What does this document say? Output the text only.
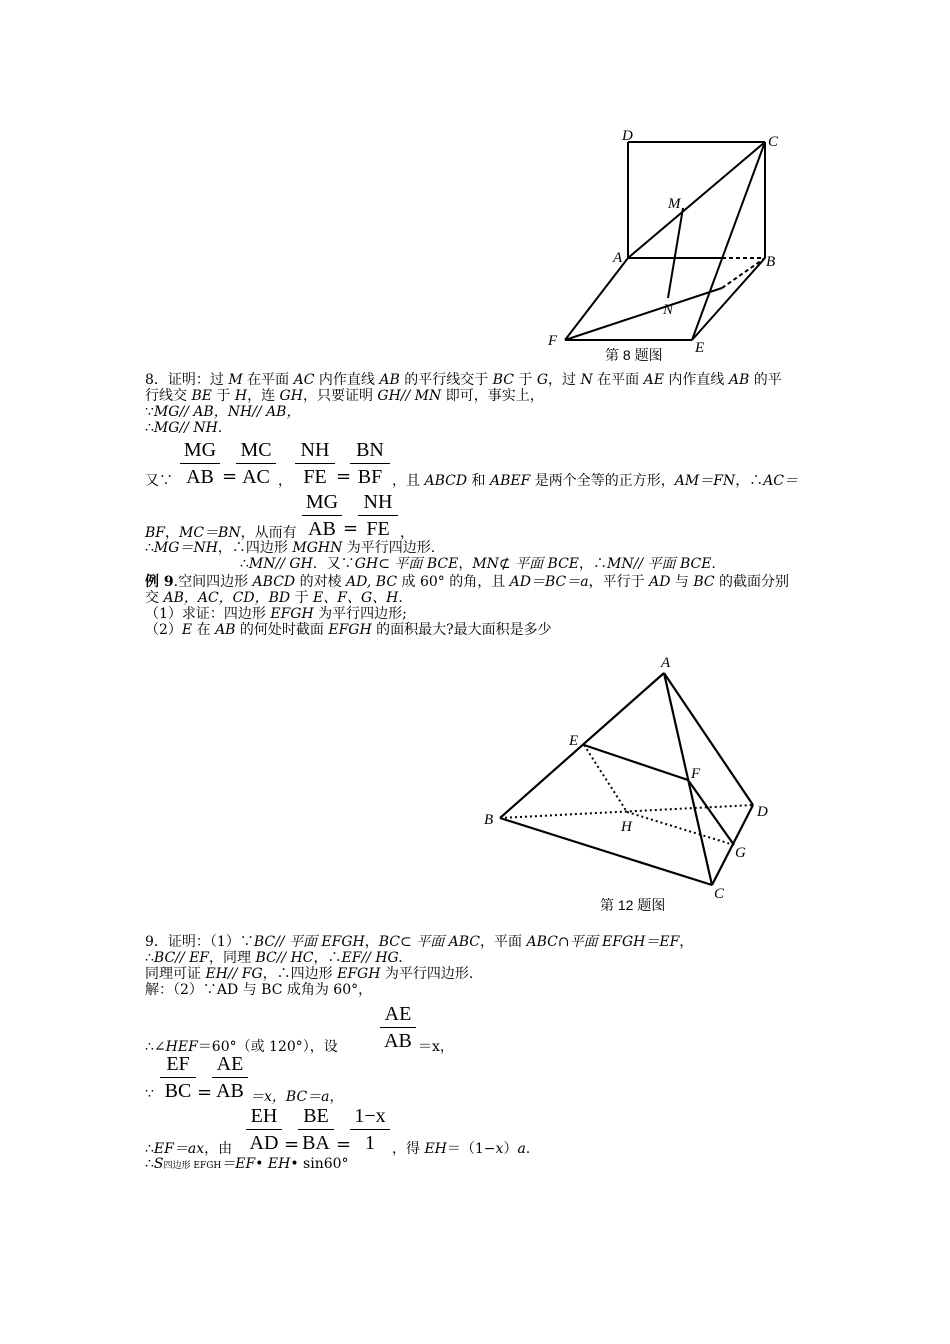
D	C
M
A	B
N
F	E
第 8 题图
8．证明：过 M 在平面 AC 内作直线 AB 的平行线交于 BC 于 G，过 N 在平面 AE 内作直线 AB 的平
行线交 BE 于 H，连 GH，只要证明 GH// MN 即可，事实上，
∵MG// AB，NH// AB，
∴MG// NH.
MG
AB
MC
AC
NH
FE
BN
BF
又∵	=	， =	，且 ABCD 和 ABEF 是两个全等的正方形，AM＝FN，∴AC＝
MG
AB
NH
FE
BF，MC＝BN，从而有	=	，
∴MG＝NH，∴四边形 MGHN 为平行四边形.
∴MN// GH．又∵GH⊂ 平面 BCE，MN⊄ 平面 BCE，∴MN// 平面 BCE.
例 9.空间四边形 ABCD 的对棱 AD, BC 成 60° 的角，且 AD＝BC＝a，平行于 AD 与 BC 的截面分别
交 AB，AC，CD，BD 于 E、F、G、H.
（1）求证：四边形 EFGH 为平行四边形;
（2）E 在 AB 的何处时截面 EFGH 的面积最大?最大面积是多少
A
E
F
B	H
D
G
C
第 12 题图
9．证明：（1）∵BC// 平面 EFGH，BC⊂ 平面 ABC，平面 ABC∩平面 EFGH＝EF，
∴BC// EF，同理 BC// HC，∴EF// HG.
同理可证 EH// FG，∴四边形 EFGH 为平行四边形.
解：（2）∵AD 与 BC 成角为 60°，
AE
AB
∴∠HEF＝60°（或 120°），设	＝x，
EF
BC
AE
AB
∵ =	＝x，BC＝a，
EH
AD
BE
BA
1−x
1
∴EF＝ax，由	= =	，得 EH＝（1−x）a.
∴S四边形 EFGH＝EF• EH• sin60°
